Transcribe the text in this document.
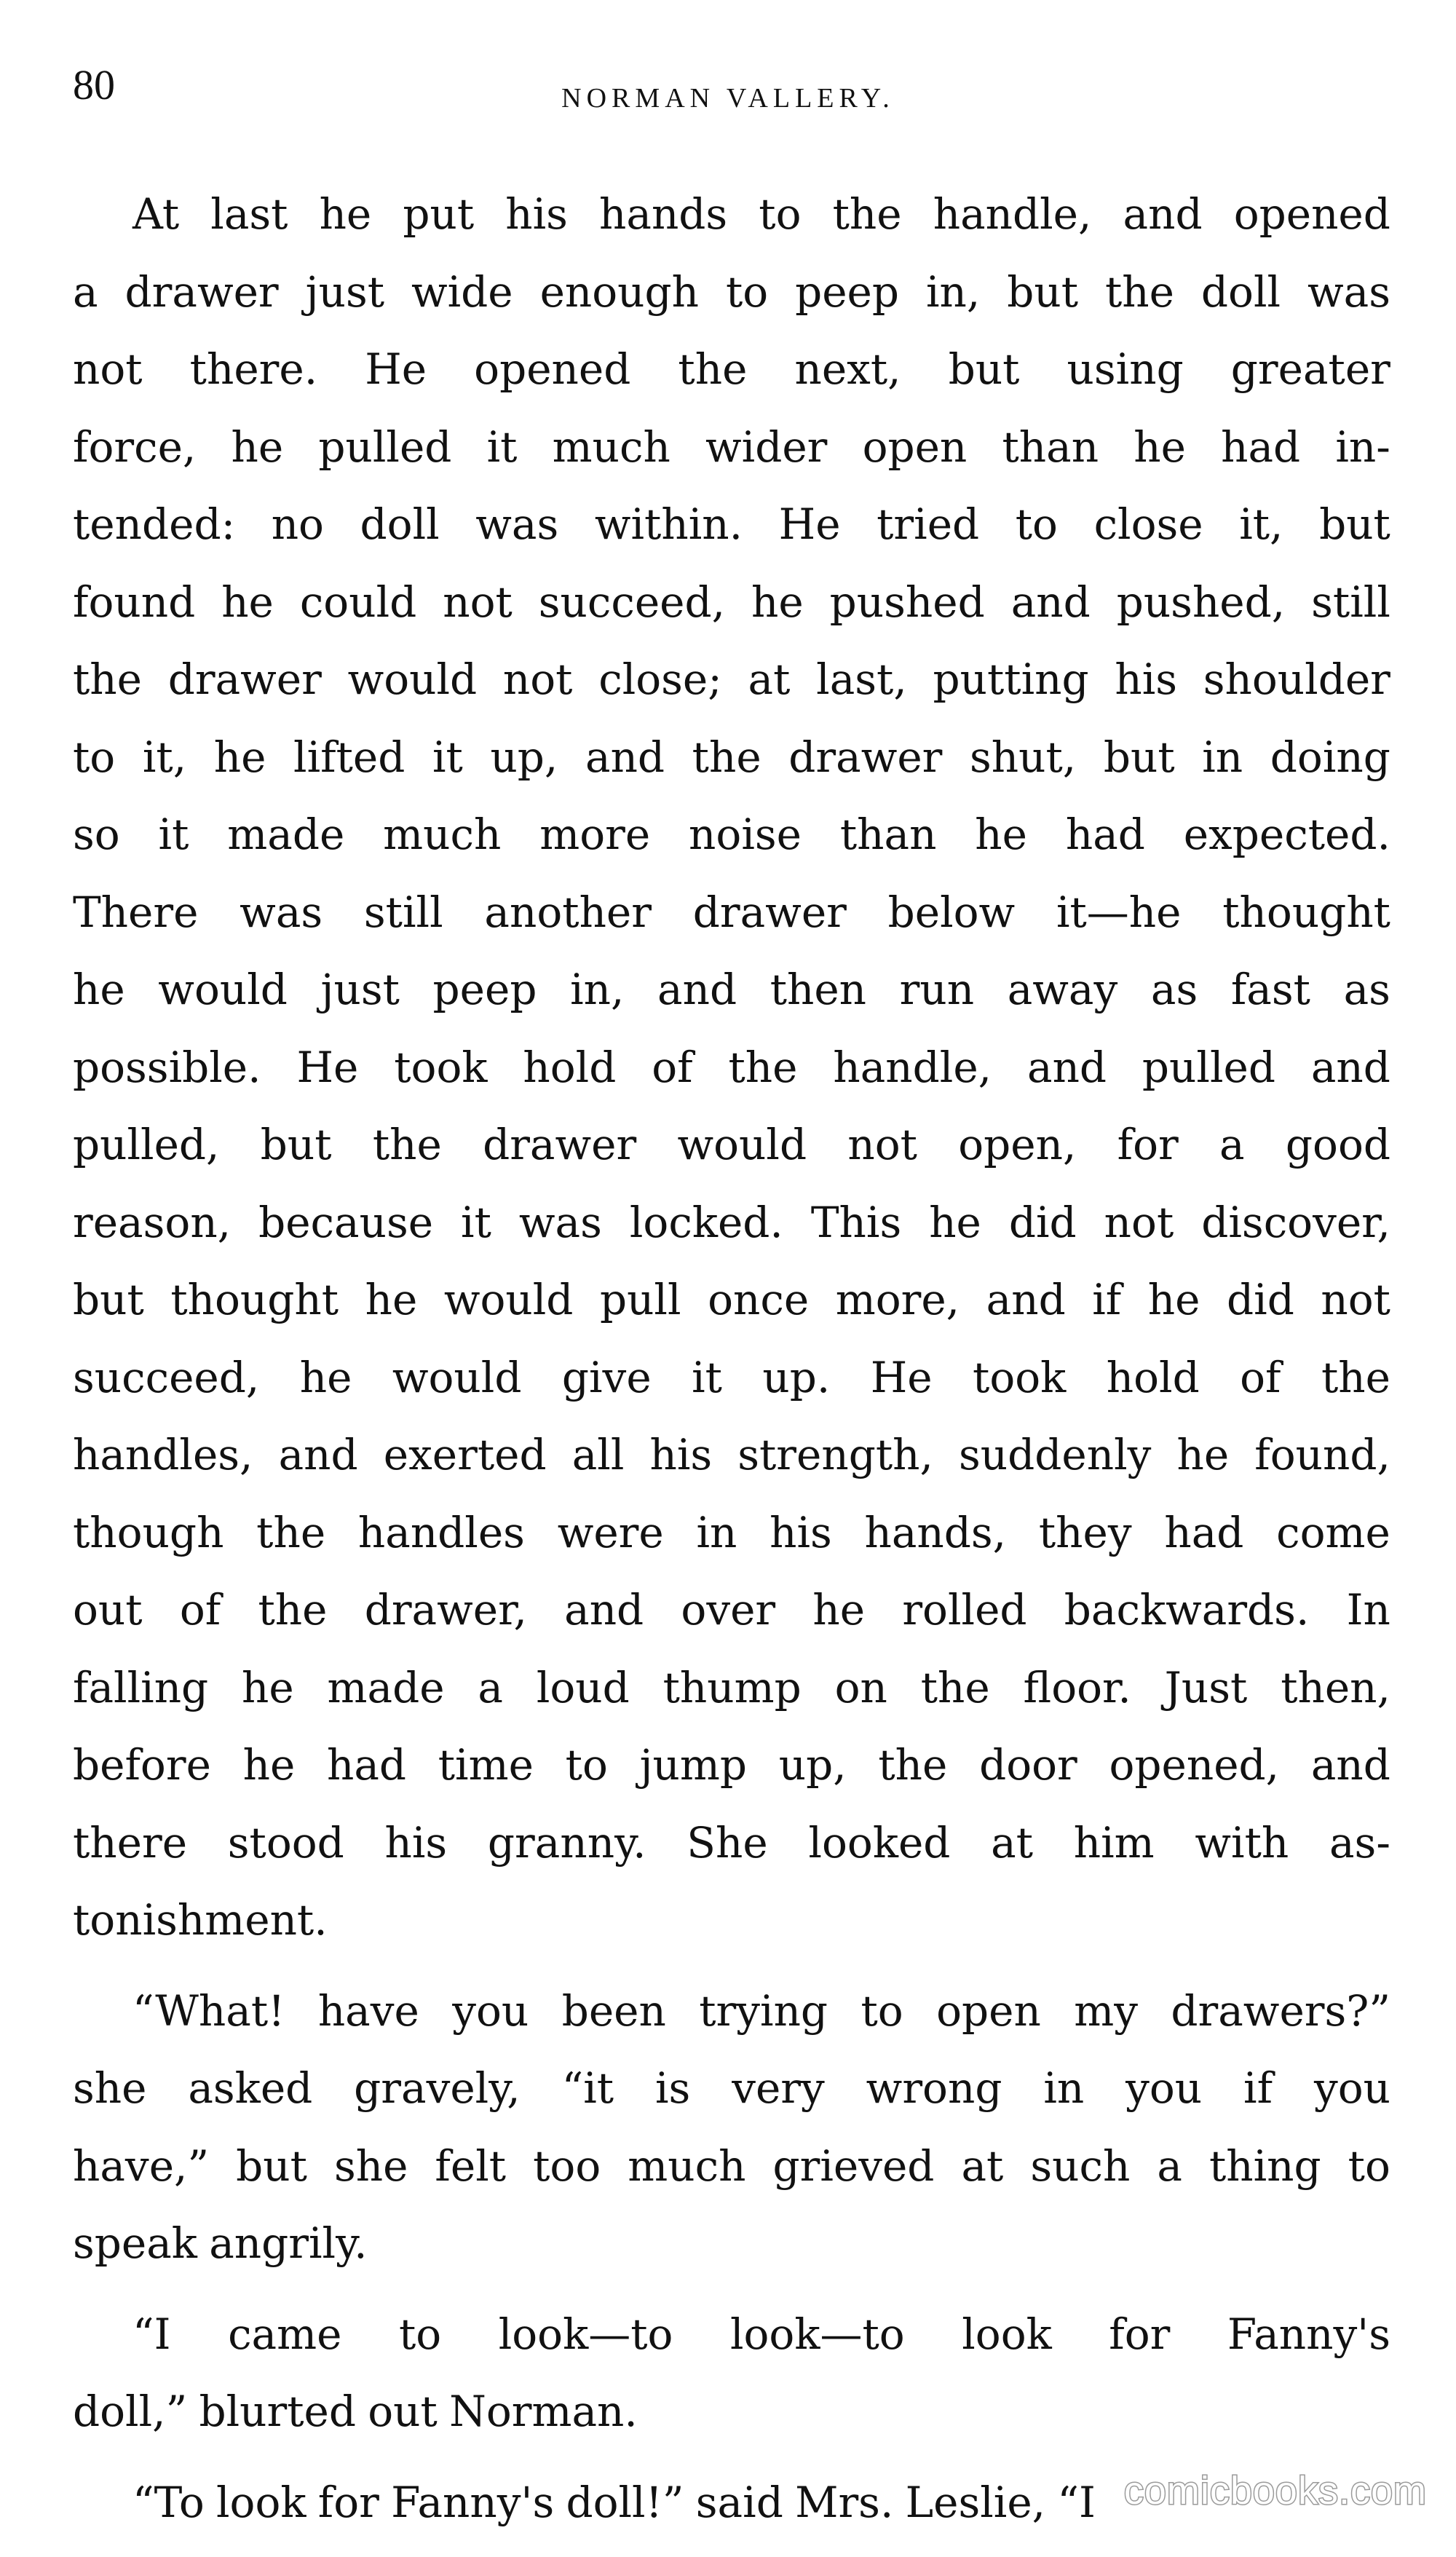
80	NORMAN VALLERY.
At last he put his hands to the handle, and opened
a drawer just wide enough to peep in, but the doll was
not there. He opened the next, but using greater
force, he pulled it much wider open than he had in-
tended: no doll was within. He tried to close it, but
found he could not succeed, he pushed and pushed, still
the drawer would not close; at last, putting his shoulder
to it, he lifted it up, and the drawer shut, but in doing
so it made much more noise than he had expected.
There was still another drawer below it—he thought
he would just peep in, and then run away as fast as
possible. He took hold of the handle, and pulled and
pulled, but the drawer would not open, for a good
reason, because it was locked. This he did not discover,
but thought he would pull once more, and if he did not
succeed, he would give it up. He took hold of the
handles, and exerted all his strength, suddenly he found,
though the handles were in his hands, they had come
out of the drawer, and over he rolled backwards. In
falling he made a loud thump on the floor. Just then,
before he had time to jump up, the door opened, and
there stood his granny. She looked at him with as-
tonishment.
“What! have you been trying to open my drawers?”
she asked gravely, “it is very wrong in you if you
have,” but she felt too much grieved at such a thing to
speak angrily.
“I came to look—to look—to look for Fanny's
doll,” blurted out Norman.
“To look for Fanny's doll!” said Mrs. Leslie, “I comicbooks.com
